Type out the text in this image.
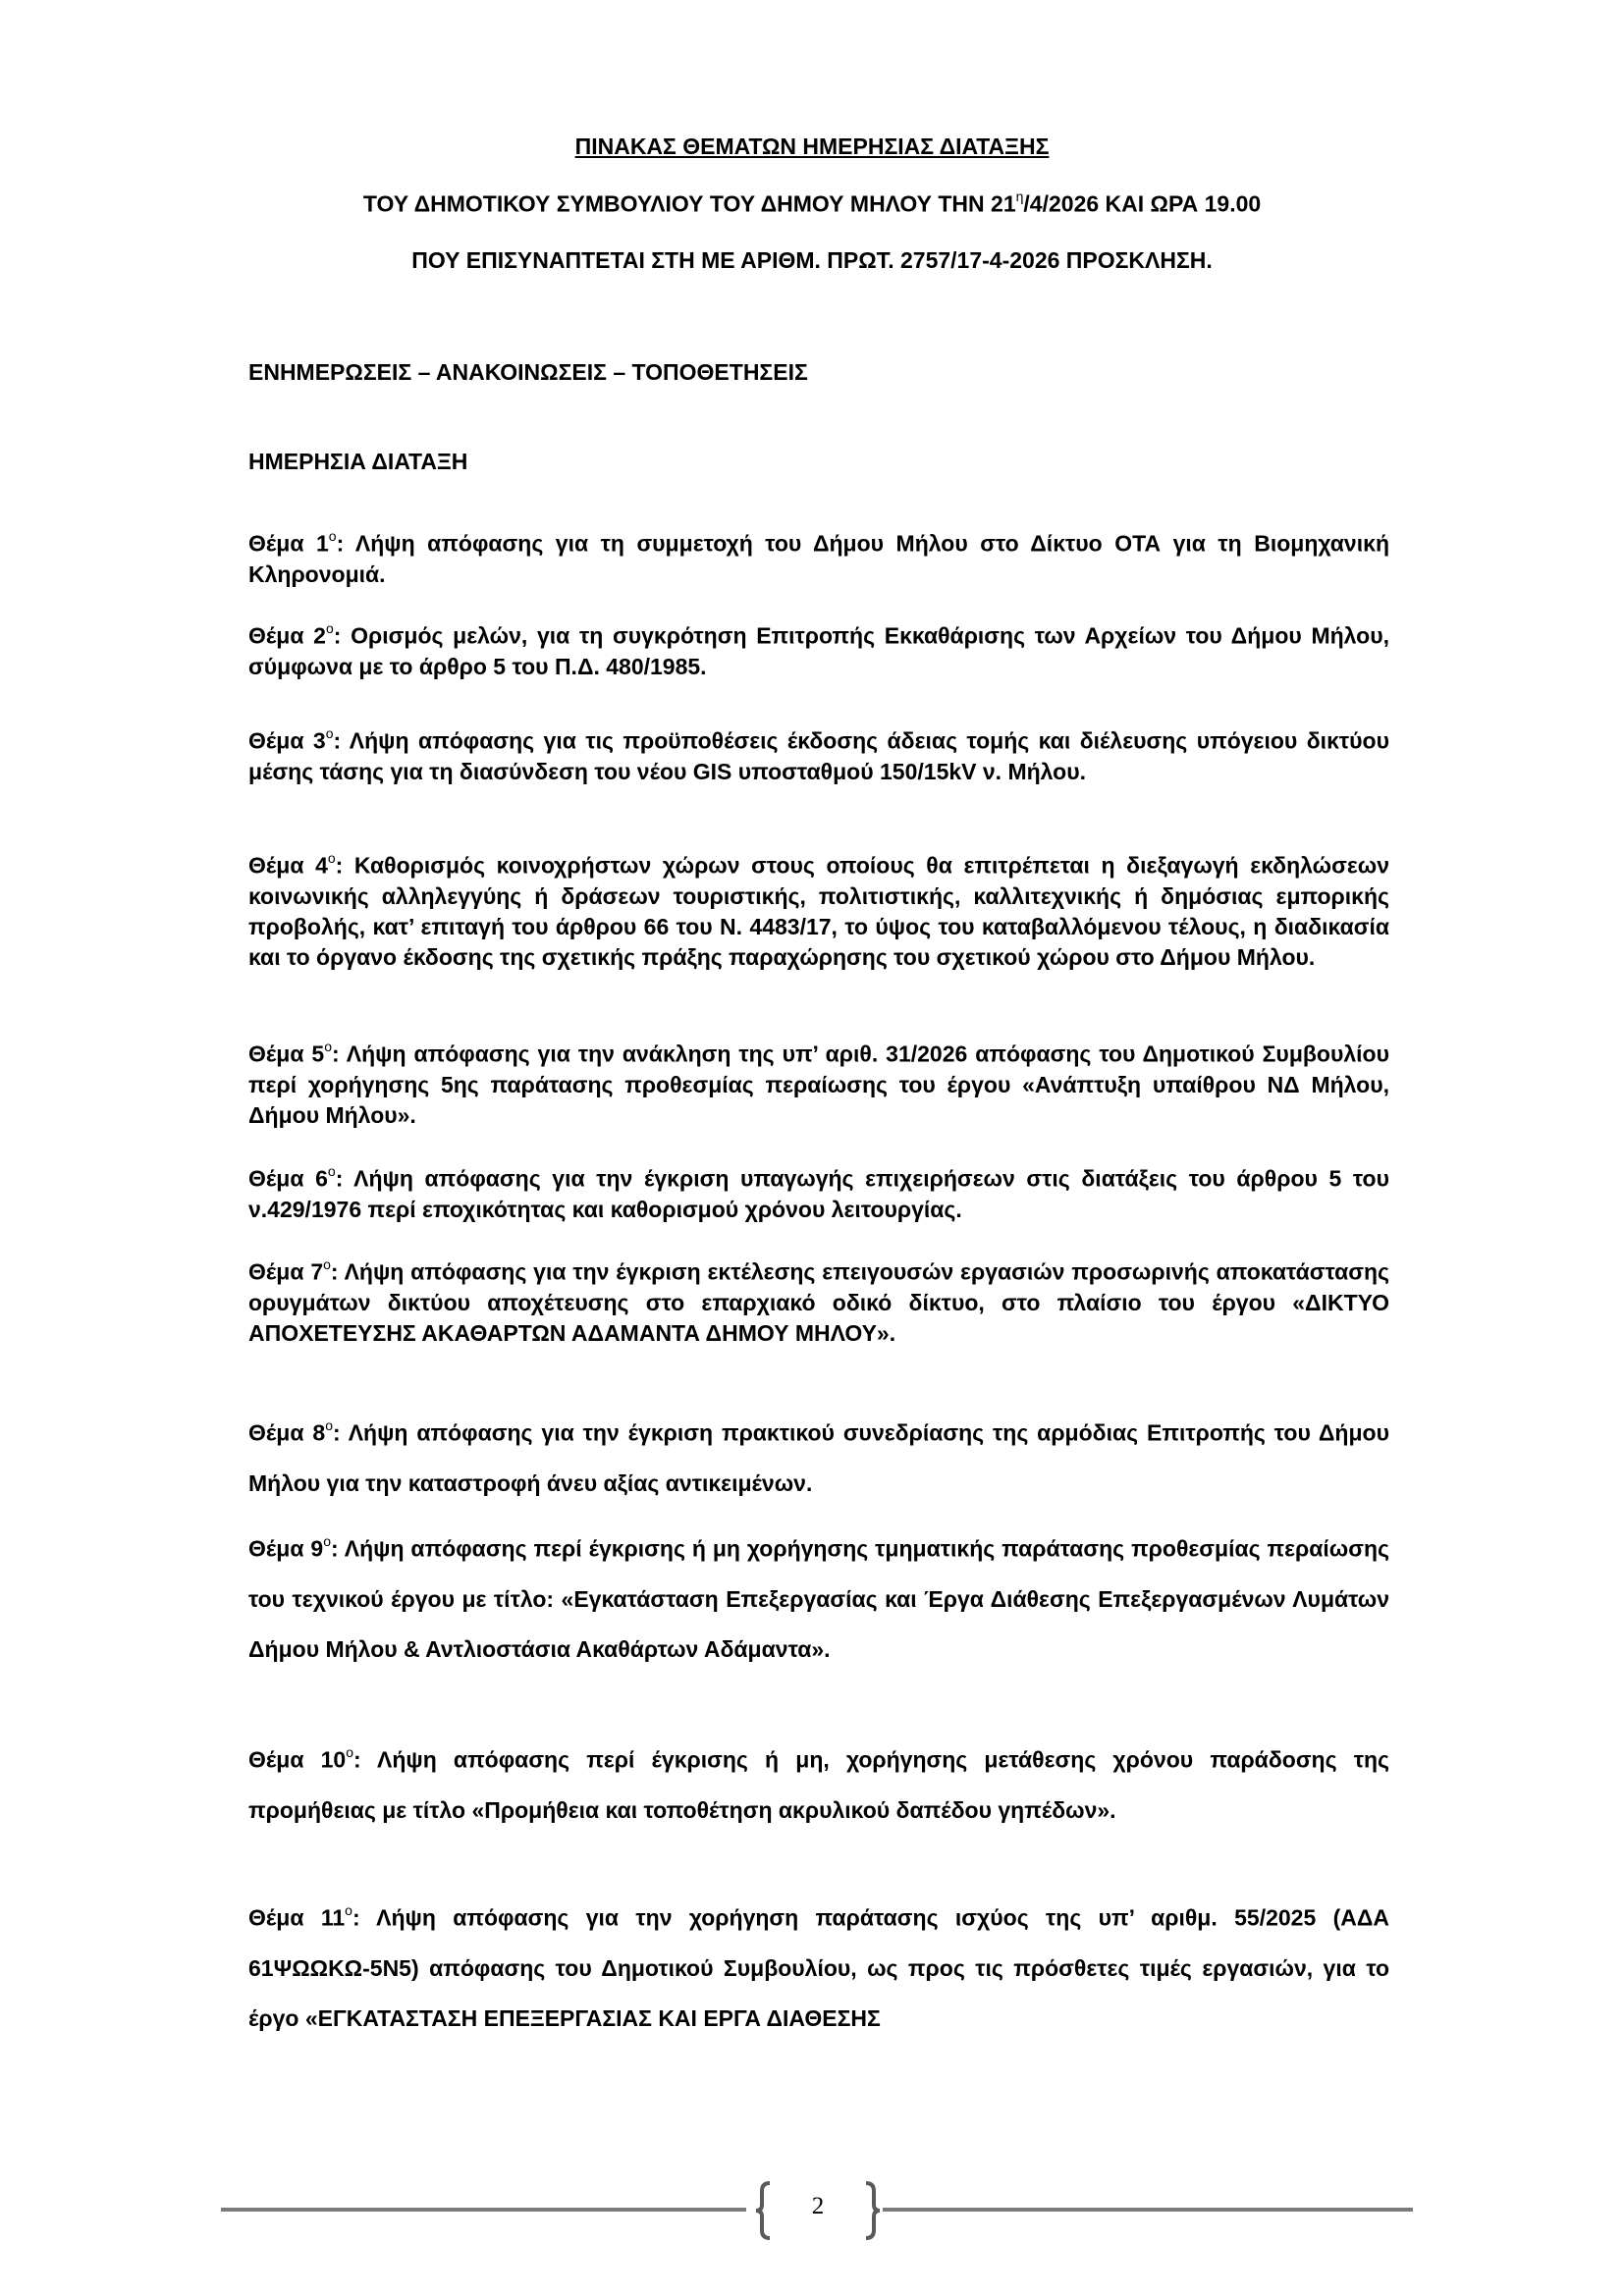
ΠΙΝΑΚΑΣ ΘΕΜΑΤΩΝ ΗΜΕΡΗΣΙΑΣ ΔΙΑΤΑΞΗΣ
ΤΟΥ ΔΗΜΟΤΙΚΟΥ ΣΥΜΒΟΥΛΙΟΥ ΤΟΥ ΔΗΜΟΥ ΜΗΛΟΥ ΤΗΝ $21^\eta/4/2026$ ΚΑΙ ΩΡΑ 19.00
ΠΟΥ ΕΠΙΣΥΝΑΠΤΕΤΑΙ ΣΤΗ ΜΕ ΑΡΙΘΜ. ΠΡΩΤ. 2757/17-4-2026 ΠΡΟΣΚΛΗΣΗ.
ΕΝΗΜΕΡΩΣΕΙΣ – ΑΝΑΚΟΙΝΩΣΕΙΣ – ΤΟΠΟΘΕΤΗΣΕΙΣ
ΗΜΕΡΗΣΙΑ ΔΙΑΤΑΞΗ
Θέμα $1^o$: Λήψη απόφασης για τη συμμετοχή του Δήμου Μήλου στο Δίκτυο ΟΤΑ για τη Βιομηχανική Κληρονομιά.
Θέμα $2^o$: Ορισμός μελών, για τη συγκρότηση Επιτροπής Εκκαθάρισης των Αρχείων του Δήμου Μήλου, σύμφωνα με το άρθρο 5 του Π.Δ. 480/1985.
Θέμα $3^o$: Λήψη απόφασης για τις προϋποθέσεις έκδοσης άδειας τομής και διέλευσης υπόγειου δικτύου μέσης τάσης για τη διασύνδεση του νέου GIS υποσταθμού 150/15kV ν. Μήλου.
Θέμα $4^o$: Καθορισμός κοινοχρήστων χώρων στους οποίους θα επιτρέπεται η διεξαγωγή εκδηλώσεων κοινωνικής αλληλεγγύης ή δράσεων τουριστικής, πολιτιστικής, καλλιτεχνικής ή δημόσιας εμπορικής προβολής, κατ’ επιταγή του άρθρου 66 του Ν. 4483/17, το ύψος του καταβαλλόμενου τέλους, η διαδικασία και το όργανο έκδοσης της σχετικής πράξης παραχώρησης του σχετικού χώρου στο Δήμου Μήλου.
Θέμα $5^o$: Λήψη απόφασης για την ανάκληση της υπ’ αριθ. 31/2026 απόφασης του Δημοτικού Συμβουλίου περί χορήγησης 5ης παράτασης προθεσμίας περαίωσης του έργου «Ανάπτυξη υπαίθρου ΝΔ Μήλου, Δήμου Μήλου».
Θέμα $6^o$: Λήψη απόφασης για την έγκριση υπαγωγής επιχειρήσεων στις διατάξεις του άρθρου 5 του ν.429/1976 περί εποχικότητας και καθορισμού χρόνου λειτουργίας.
Θέμα $7^o$: Λήψη απόφασης για την έγκριση εκτέλεσης επειγουσών εργασιών προσωρινής αποκατάστασης ορυγμάτων δικτύου αποχέτευσης στο επαρχιακό οδικό δίκτυο, στο πλαίσιο του έργου «ΔΙΚΤΥΟ ΑΠΟΧΕΤΕΥΣΗΣ ΑΚΑΘΑΡΤΩΝ ΑΔΑΜΑΝΤΑ ΔΗΜΟΥ ΜΗΛΟΥ».
Θέμα $8^o$: Λήψη απόφασης για την έγκριση πρακτικού συνεδρίασης της αρμόδιας Επιτροπής του Δήμου Μήλου για την καταστροφή άνευ αξίας αντικειμένων.
Θέμα $9^o$: Λήψη απόφασης περί έγκρισης ή μη χορήγησης τμηματικής παράτασης προθεσμίας περαίωσης του τεχνικού έργου με τίτλο: «Εγκατάσταση Επεξεργασίας και Έργα Διάθεσης Επεξεργασμένων Λυμάτων Δήμου Μήλου & Αντλιοστάσια Ακαθάρτων Αδάμαντα».
Θέμα $10^o$: Λήψη απόφασης περί έγκρισης ή μη, χορήγησης μετάθεσης χρόνου παράδοσης της προμήθειας με τίτλο «Προμήθεια και τοποθέτηση ακρυλικού δαπέδου γηπέδων».
Θέμα $11^o$: Λήψη απόφασης για την χορήγηση παράτασης ισχύος της υπ’ αριθμ. 55/2025 (ΑΔΑ 61ΨΩΩΚΩ-5Ν5) απόφασης του Δημοτικού Συμβουλίου, ως προς τις πρόσθετες τιμές εργασιών, για το έργο «ΕΓΚΑΤΑΣΤΑΣΗ ΕΠΕΞΕΡΓΑΣΙΑΣ ΚΑΙ ΕΡΓΑ ΔΙΑΘΕΣΗΣ
2
